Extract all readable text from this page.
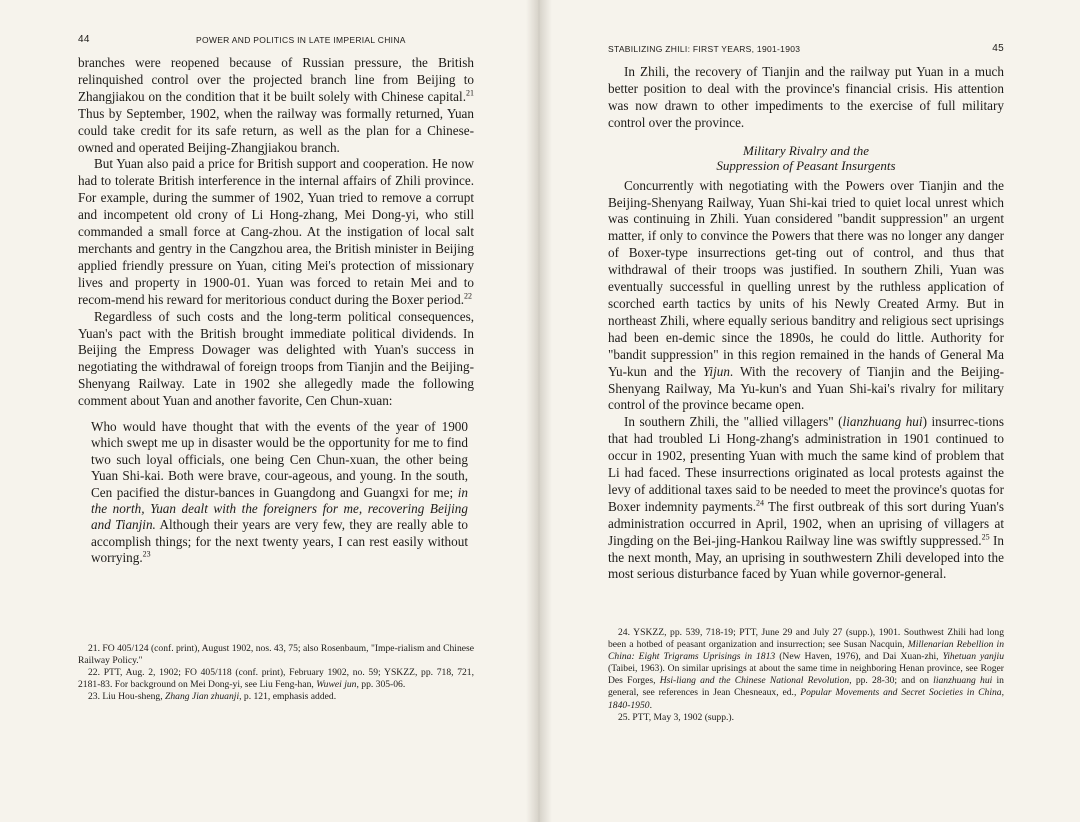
44	POWER AND POLITICS IN LATE IMPERIAL CHINA

branches were reopened because of Russian pressure, the British relinquished control over the projected branch line from Beijing to Zhangjiakou on the condition that it be built solely with Chinese capital.$^{21}$ Thus by September, 1902, when the railway was formally returned, Yuan could take credit for its safe return, as well as the plan for a Chinese-owned and operated Beijing-Zhangjiakou branch.

But Yuan also paid a price for British support and cooperation. He now had to tolerate British interference in the internal affairs of Zhili province. For example, during the summer of 1902, Yuan tried to remove a corrupt and incompetent old crony of Li Hong-zhang, Mei Dong-yi, who still commanded a small force at Cang-zhou. At the instigation of local salt merchants and gentry in the Cangzhou area, the British minister in Beijing applied friendly pressure on Yuan, citing Mei's protection of missionary lives and property in 1900-01. Yuan was forced to retain Mei and to recom-mend his reward for meritorious conduct during the Boxer period.$^{22}$

Regardless of such costs and the long-term political consequences, Yuan's pact with the British brought immediate political dividends. In Beijing the Empress Dowager was delighted with Yuan's success in negotiating the withdrawal of foreign troops from Tianjin and the Beijing-Shenyang Railway. Late in 1902 she allegedly made the following comment about Yuan and another favorite, Cen Chun-xuan:

Who would have thought that with the events of the year of 1900 which swept me up in disaster would be the opportunity for me to find two such loyal officials, one being Cen Chun-xuan, the other being Yuan Shi-kai. Both were brave, cour-ageous, and young. In the south, Cen pacified the distur-bances in Guangdong and Guangxi for me; in the north, Yuan dealt with the foreigners for me, recovering Beijing and Tianjin. Although their years are very few, they are really able to accomplish things; for the next twenty years, I can rest easily without worrying.$^{23}$

21. FO 405/124 (conf. print), August 1902, nos. 43, 75; also Rosenbaum, "Impe-rialism and Chinese Railway Policy."

22. PTT, Aug. 2, 1902; FO 405/118 (conf. print), February 1902, no. 59; YSKZZ, pp. 718, 721, 2181-83. For background on Mei Dong-yi, see Liu Feng-han, Wuwei jun, pp. 305-06.

23. Liu Hou-sheng, Zhang Jian zhuanji, p. 121, emphasis added.

STABILIZING ZHILI: FIRST YEARS, 1901-1903	45

In Zhili, the recovery of Tianjin and the railway put Yuan in a much better position to deal with the province's financial crisis. His attention was now drawn to other impediments to the exercise of full military control over the province.

Military Rivalry and the
Suppression of Peasant Insurgents

Concurrently with negotiating with the Powers over Tianjin and the Beijing-Shenyang Railway, Yuan Shi-kai tried to quiet local unrest which was continuing in Zhili. Yuan considered "bandit suppression" an urgent matter, if only to convince the Powers that there was no longer any danger of Boxer-type insurrections get-ting out of control, and thus that withdrawal of their troops was justified. In southern Zhili, Yuan was eventually successful in quelling unrest by the ruthless application of scorched earth tactics by units of his Newly Created Army. But in northeast Zhili, where equally serious banditry and religious sect uprisings had been en-demic since the 1890s, he could do little. Authority for "bandit suppression" in this region remained in the hands of General Ma Yu-kun and the Yijun. With the recovery of Tianjin and the Beijing-Shenyang Railway, Ma Yu-kun's and Yuan Shi-kai's rivalry for military control of the province became open.

In southern Zhili, the "allied villagers" (lianzhuang hui) insurrec-tions that had troubled Li Hong-zhang's administration in 1901 continued to occur in 1902, presenting Yuan with much the same kind of problem that Li had faced. These insurrections originated as local protests against the levy of additional taxes said to be needed to meet the province's quotas for Boxer indemnity payments.$^{24}$ The first outbreak of this sort during Yuan's administration occurred in April, 1902, when an uprising of villagers at Jingding on the Bei-jing-Hankou Railway line was swiftly suppressed.$^{25}$ In the next month, May, an uprising in southwestern Zhili developed into the most serious disturbance faced by Yuan while governor-general.

24. YSKZZ, pp. 539, 718-19; PTT, June 29 and July 27 (supp.), 1901. Southwest Zhili had long been a hotbed of peasant organization and insurrection; see Susan Nacquin, Millenarian Rebellion in China: Eight Trigrams Uprisings in 1813 (New Haven, 1976), and Dai Xuan-zhi, Yihetuan yanjiu (Taibei, 1963). On similar uprisings at about the same time in neighboring Henan province, see Roger Des Forges, Hsi-liang and the Chinese National Revolution, pp. 28-30; and on lianzhuang hui in general, see references in Jean Chesneaux, ed., Popular Movements and Secret Societies in China, 1840-1950.

25. PTT, May 3, 1902 (supp.).
